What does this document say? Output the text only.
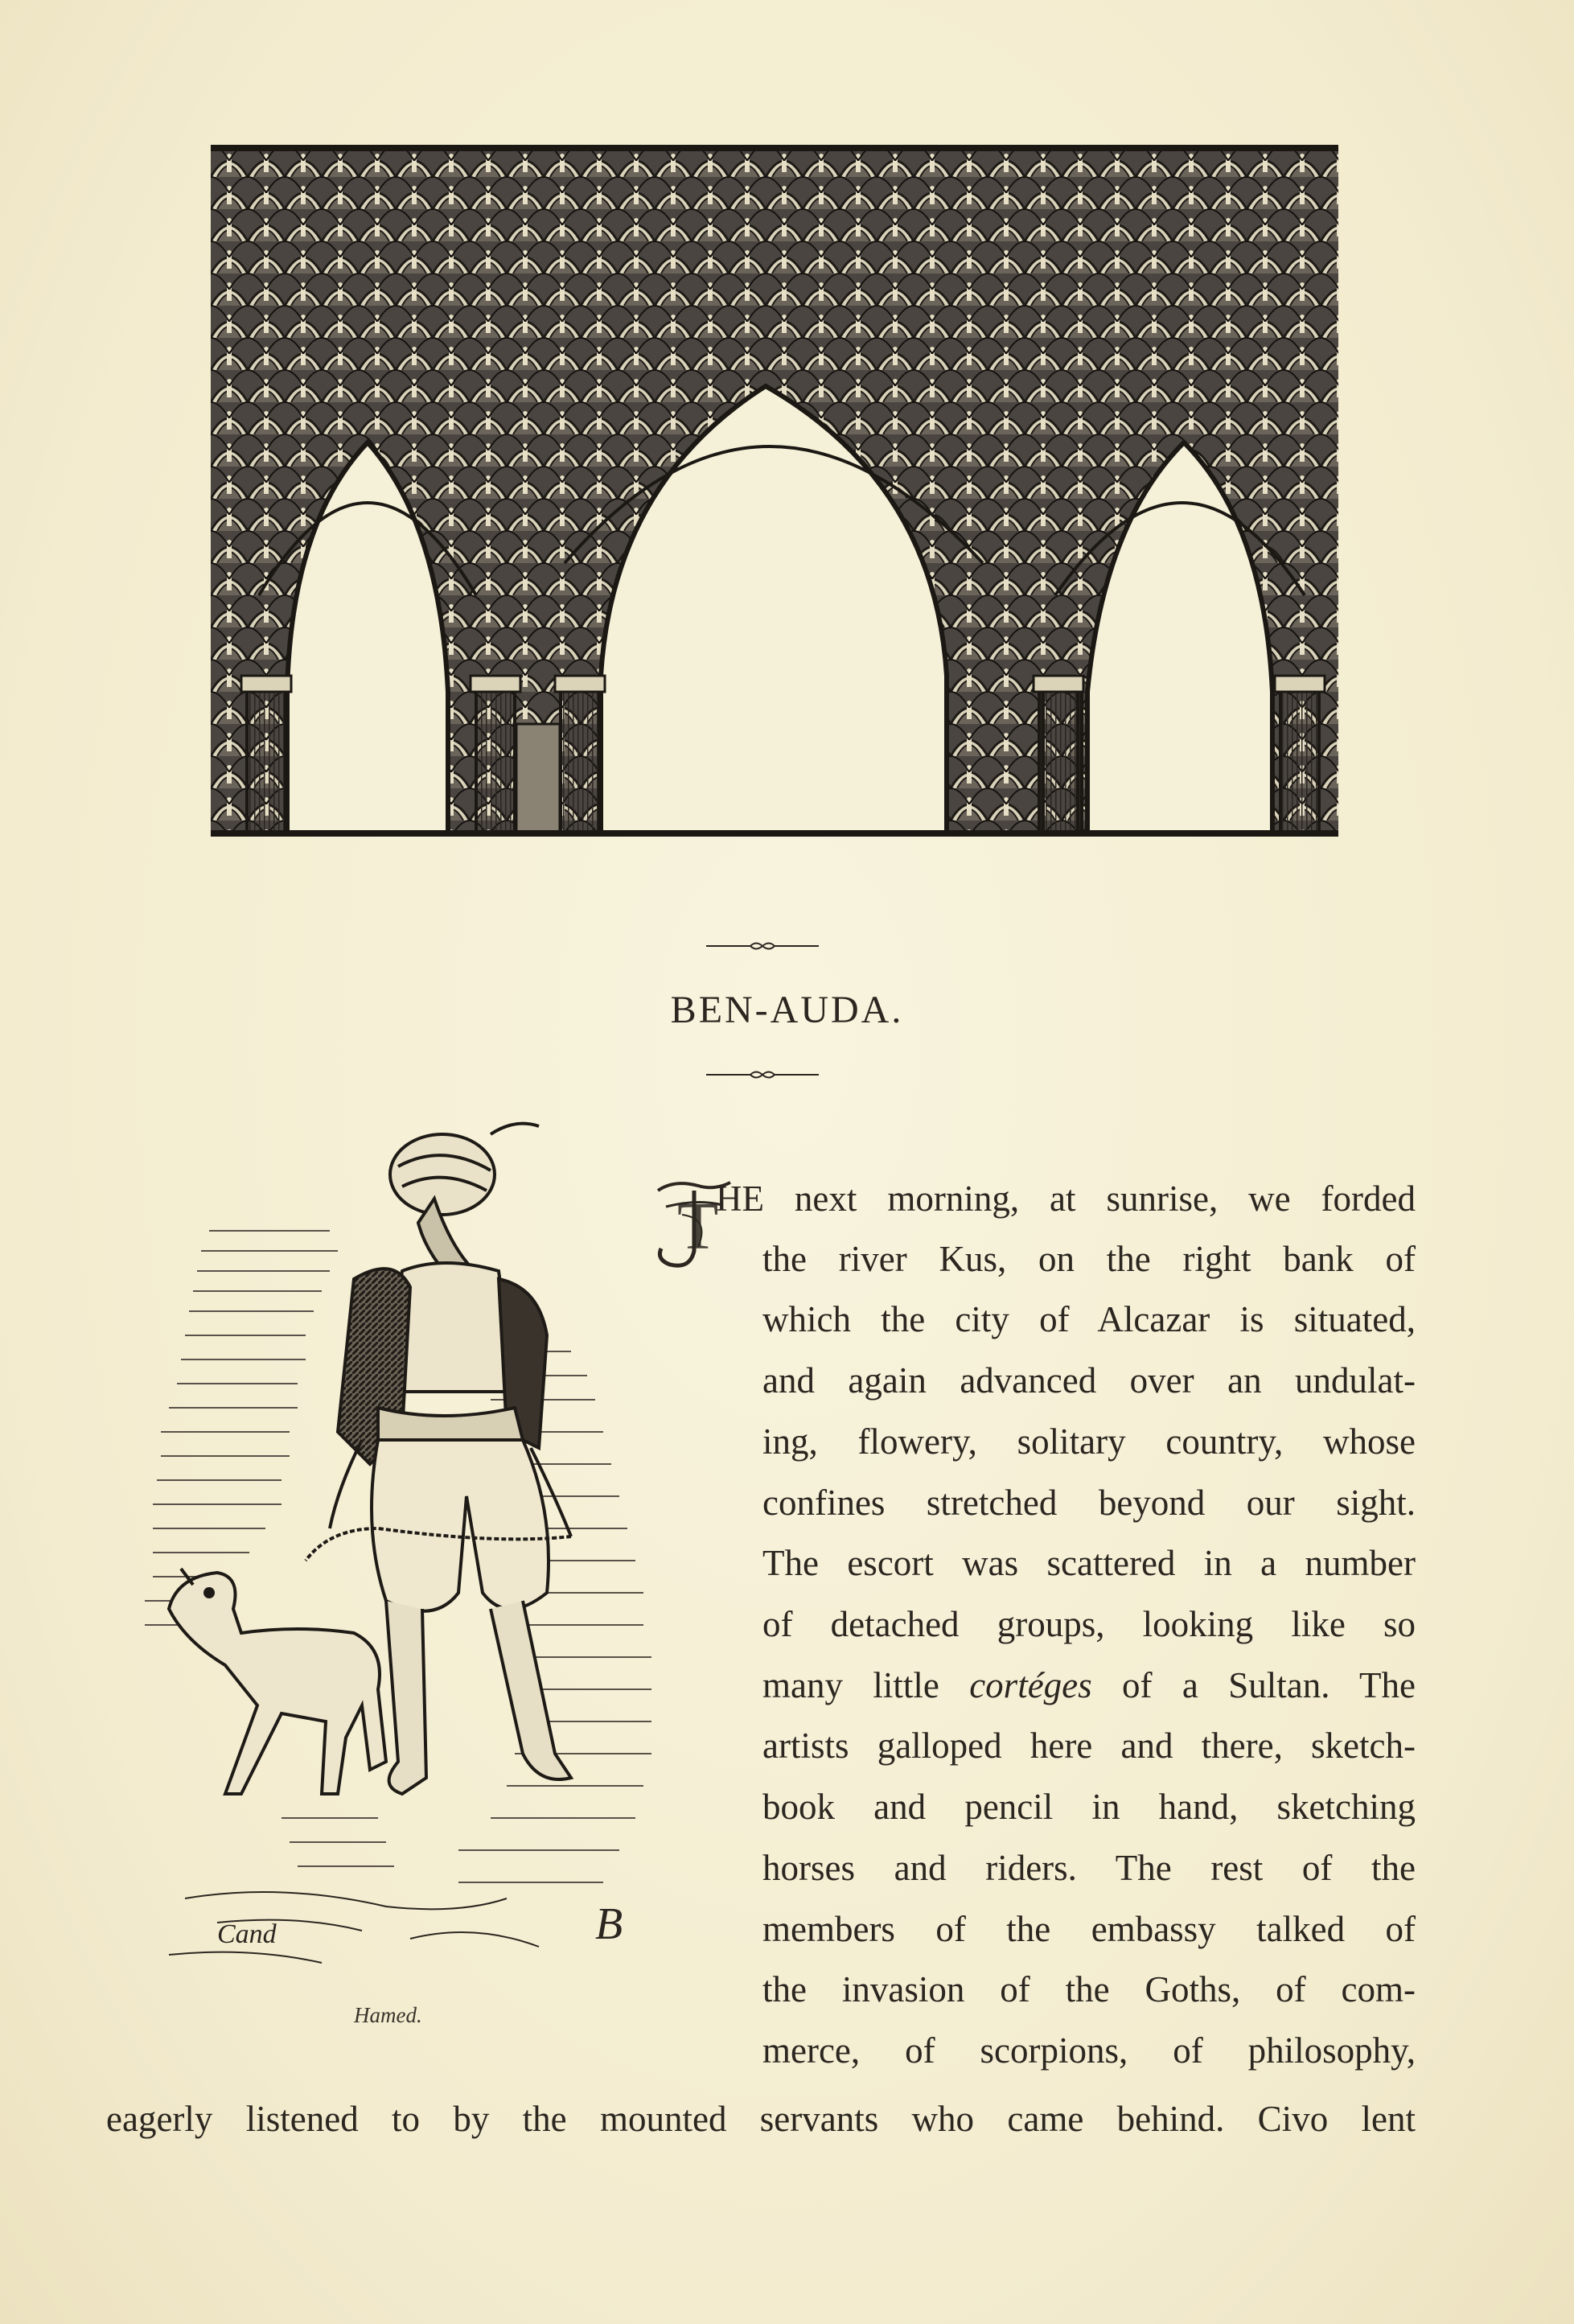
BEN-AUDA.
Cand	B
Hamed.
T
HE next morning, at sunrise, we forded
the river Kus, on the right bank of
which the city of Alcazar is situated,
and again advanced over an undulat-
ing, flowery, solitary country, whose
confines stretched beyond our sight.
The escort was scattered in a number
of detached groups, looking like so
many little cortéges of a Sultan. The
artists galloped here and there, sketch-
book and pencil in hand, sketching
horses and riders. The rest of the
members of the embassy talked of
the invasion of the Goths, of com-
merce, of scorpions, of philosophy,
eagerly listened to by the mounted servants who came behind. Civo lent
